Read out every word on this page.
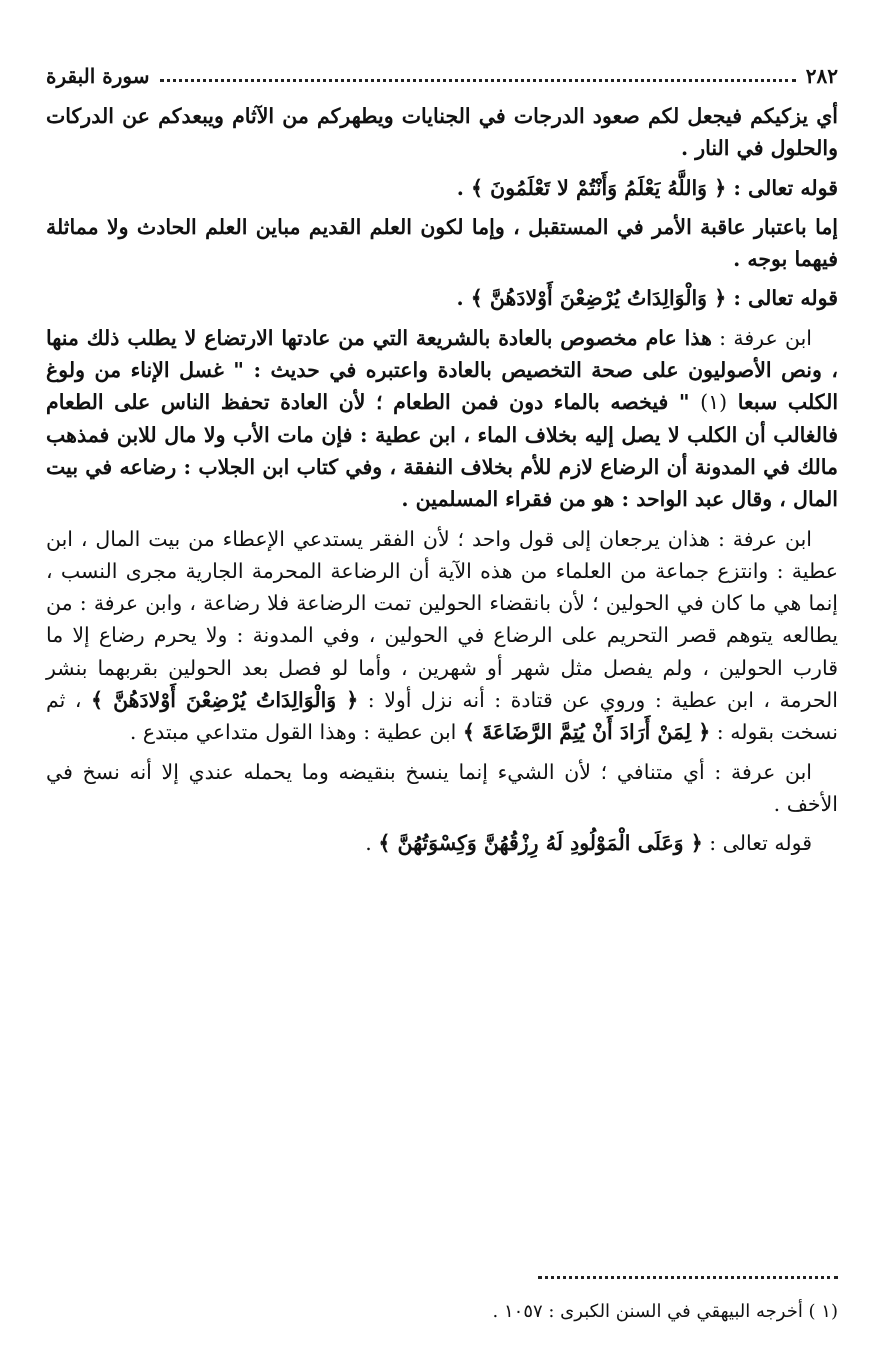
٢٨٢
سورة البقرة
أي يزكيكم فيجعل لكم صعود الدرجات في الجنايات ويطهركم من الآثام ويبعدكم عن الدركات والحلول في النار .
قوله تعالى : ﴿ وَاللَّهُ يَعْلَمُ وَأَنْتُمْ لا تَعْلَمُونَ ﴾ .
إما باعتبار عاقبة الأمر في المستقبل ، وإما لكون العلم القديم مباين العلم الحادث ولا مماثلة فيهما بوجه .
قوله تعالى : ﴿ وَالْوَالِدَاتُ يُرْضِعْنَ أَوْلادَهُنَّ ﴾ .
ابن عرفة : هذا عام مخصوص بالعادة بالشريعة التي من عادتها الارتضاع لا يطلب ذلك منها ، ونص الأصوليون على صحة التخصيص بالعادة واعتبره في حديث : " غسل الإناء من ولوغ الكلب سبعا (١) " فيخصه بالماء دون فمن الطعام ؛ لأن العادة تحفظ الناس على الطعام فالغالب أن الكلب لا يصل إليه بخلاف الماء ، ابن عطية : فإن مات الأب ولا مال للابن فمذهب مالك في المدونة أن الرضاع لازم للأم بخلاف النفقة ، وفي كتاب ابن الجلاب : رضاعه في بيت المال ، وقال عبد الواحد : هو من فقراء المسلمين .
ابن عرفة : هذان يرجعان إلى قول واحد ؛ لأن الفقر يستدعي الإعطاء من بيت المال ، ابن عطية : وانتزع جماعة من العلماء من هذه الآية أن الرضاعة المحرمة الجارية مجرى النسب ، إنما هي ما كان في الحولين ؛ لأن بانقضاء الحولين تمت الرضاعة فلا رضاعة ، وابن عرفة : من يطالعه يتوهم قصر التحريم على الرضاع في الحولين ، وفي المدونة : ولا يحرم رضاع إلا ما قارب الحولين ، ولم يفصل مثل شهر أو شهرين ، وأما لو فصل بعد الحولين بقربهما بنشر الحرمة ، ابن عطية : وروي عن قتادة : أنه نزل أولا : ﴿ وَالْوَالِدَاتُ يُرْضِعْنَ أَوْلادَهُنَّ ﴾ ، ثم نسخت بقوله : ﴿ لِمَنْ أَرَادَ أَنْ يُتِمَّ الرَّضَاعَةَ ﴾ ابن عطية : وهذا القول متداعي مبتدع .
ابن عرفة : أي متنافي ؛ لأن الشيء إنما ينسخ بنقيضه وما يحمله عندي إلا أنه نسخ في الأخف .
قوله تعالى : ﴿ وَعَلَى الْمَوْلُودِ لَهُ رِزْقُهُنَّ وَكِسْوَتُهُنَّ ﴾ .
(١ ) أخرجه البيهقي في السنن الكبرى : ١٠٥٧ .
